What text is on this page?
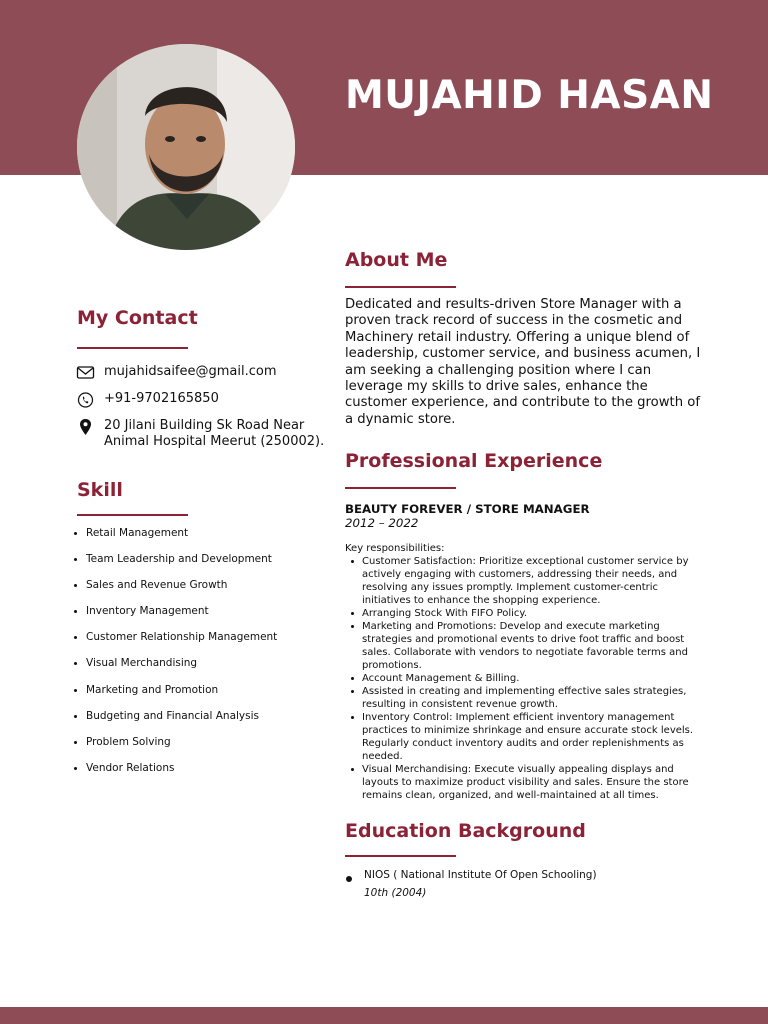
MUJAHID HASAN
My Contact
mujahidsaifee@gmail.com
+91-9702165850
20 Jilani Building Sk Road Near Animal Hospital Meerut (250002).
Skill
Retail Management
Team Leadership and Development
Sales and Revenue Growth
Inventory Management
Customer Relationship Management
Visual Merchandising
Marketing and Promotion
Budgeting and Financial Analysis
Problem Solving
Vendor Relations
About Me

Dedicated and results-driven Store Manager with a proven track record of success in the cosmetic and Machinery retail industry. Offering a unique blend of leadership, customer service, and business acumen, I am seeking a challenging position where I can leverage my skills to drive sales, enhance the customer experience, and contribute to the growth of a dynamic store.

Professional Experience

BEAUTY FOREVER / STORE MANAGER

2012 – 2022

Key responsibilities:

Customer Satisfaction: Prioritize exceptional customer service by actively engaging with customers, addressing their needs, and resolving any issues promptly. Implement customer-centric initiatives to enhance the shopping experience.
Arranging Stock With FIFO Policy.
Marketing and Promotions: Develop and execute marketing strategies and promotional events to drive foot traffic and boost sales. Collaborate with vendors to negotiate favorable terms and promotions.
Account Management & Billing.
Assisted in creating and implementing effective sales strategies, resulting in consistent revenue growth.
Inventory Control: Implement efficient inventory management practices to minimize shrinkage and ensure accurate stock levels. Regularly conduct inventory audits and order replenishments as needed.
Visual Merchandising: Execute visually appealing displays and layouts to maximize product visibility and sales. Ensure the store remains clean, organized, and well-maintained at all times.
Education Background

NIOS ( National Institute Of Open Schooling)

10th (2004)
